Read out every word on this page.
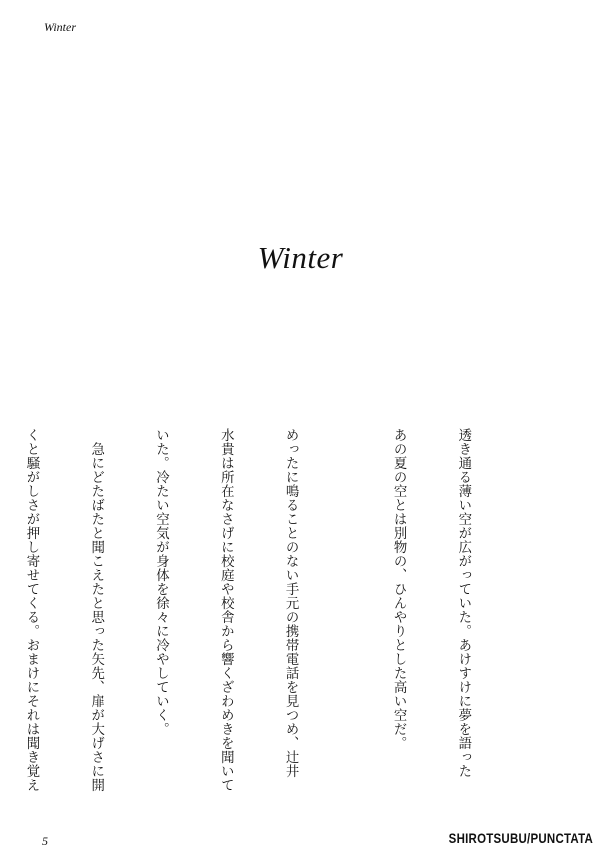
Winter
Winter

透き通る薄い空が広がっていた。あけすけに夢を語った

あの夏の空とは別物の、ひんやりとした高い空だ。

めったに鳴ることのない手元の携帯電話を見つめ、辻井

水貴は所在なさげに校庭や校舎から響くざわめきを聞いて

いた。冷たい空気が身体を徐々に冷やしていく。

　急にどたばたと聞こえたと思った矢先、扉が大げさに開

くと騒がしさが押し寄せてくる。おまけにそれは聞き覚え

5	SHIROTSUBU/PUNCTATA
